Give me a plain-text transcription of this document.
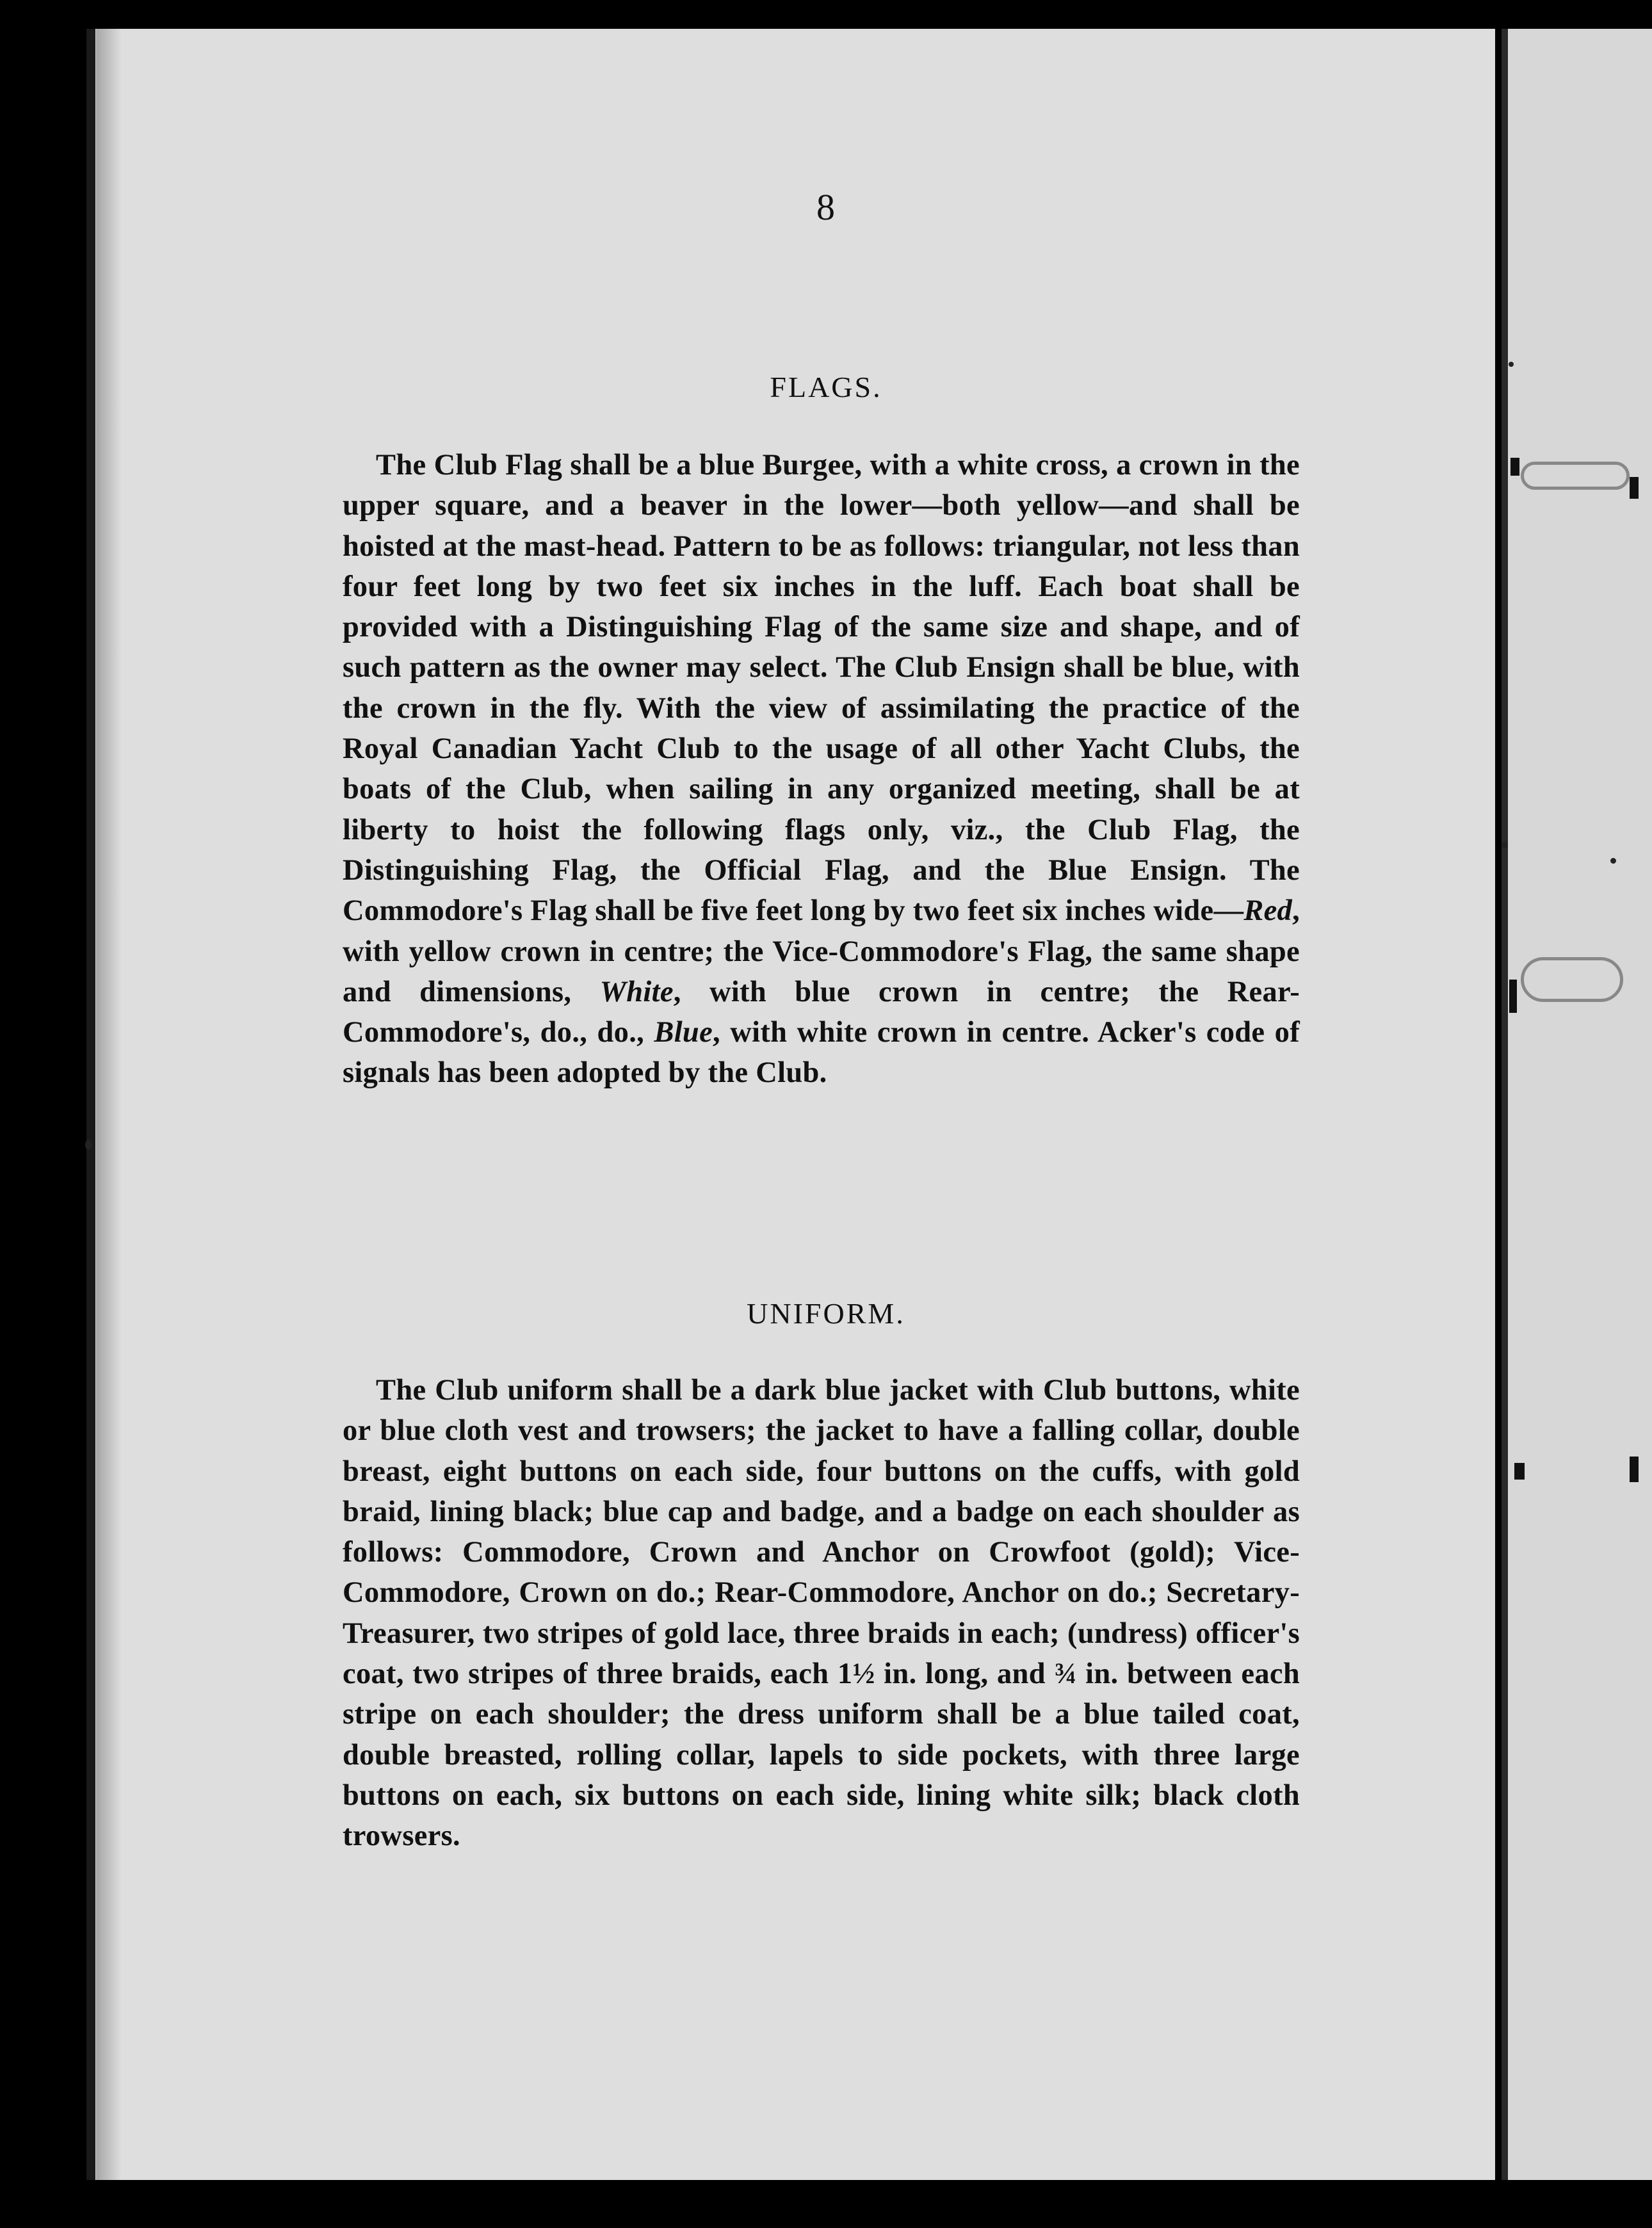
8
FLAGS.

The Club Flag shall be a blue Burgee, with a white cross, a crown in the upper square, and a beaver in the lower—both yellow—and shall be hoisted at the mast-head. Pattern to be as follows: triangular, not less than four feet long by two feet six inches in the luff. Each boat shall be provided with a Distinguishing Flag of the same size and shape, and of such pattern as the owner may select. The Club Ensign shall be blue, with the crown in the fly. With the view of assimilating the practice of the Royal Canadian Yacht Club to the usage of all other Yacht Clubs, the boats of the Club, when sailing in any organized meeting, shall be at liberty to hoist the following flags only, viz., the Club Flag, the Distinguishing Flag, the Official Flag, and the Blue Ensign. The Commodore's Flag shall be five feet long by two feet six inches wide—Red, with yellow crown in centre; the Vice-Commodore's Flag, the same shape and dimensions, White, with blue crown in centre; the Rear-Commodore's, do., do., Blue, with white crown in centre. Acker's code of signals has been adopted by the Club.

UNIFORM.

The Club uniform shall be a dark blue jacket with Club buttons, white or blue cloth vest and trowsers; the jacket to have a falling collar, double breast, eight buttons on each side, four buttons on the cuffs, with gold braid, lining black; blue cap and badge, and a badge on each shoulder as follows: Commodore, Crown and Anchor on Crowfoot (gold); Vice-Commodore, Crown on do.; Rear-Commodore, Anchor on do.; Secretary-Treasurer, two stripes of gold lace, three braids in each; (undress) officer's coat, two stripes of three braids, each 1½ in. long, and ¾ in. between each stripe on each shoulder; the dress uniform shall be a blue tailed coat, double breasted, rolling collar, lapels to side pockets, with three large buttons on each, six buttons on each side, lining white silk; black cloth trowsers.
